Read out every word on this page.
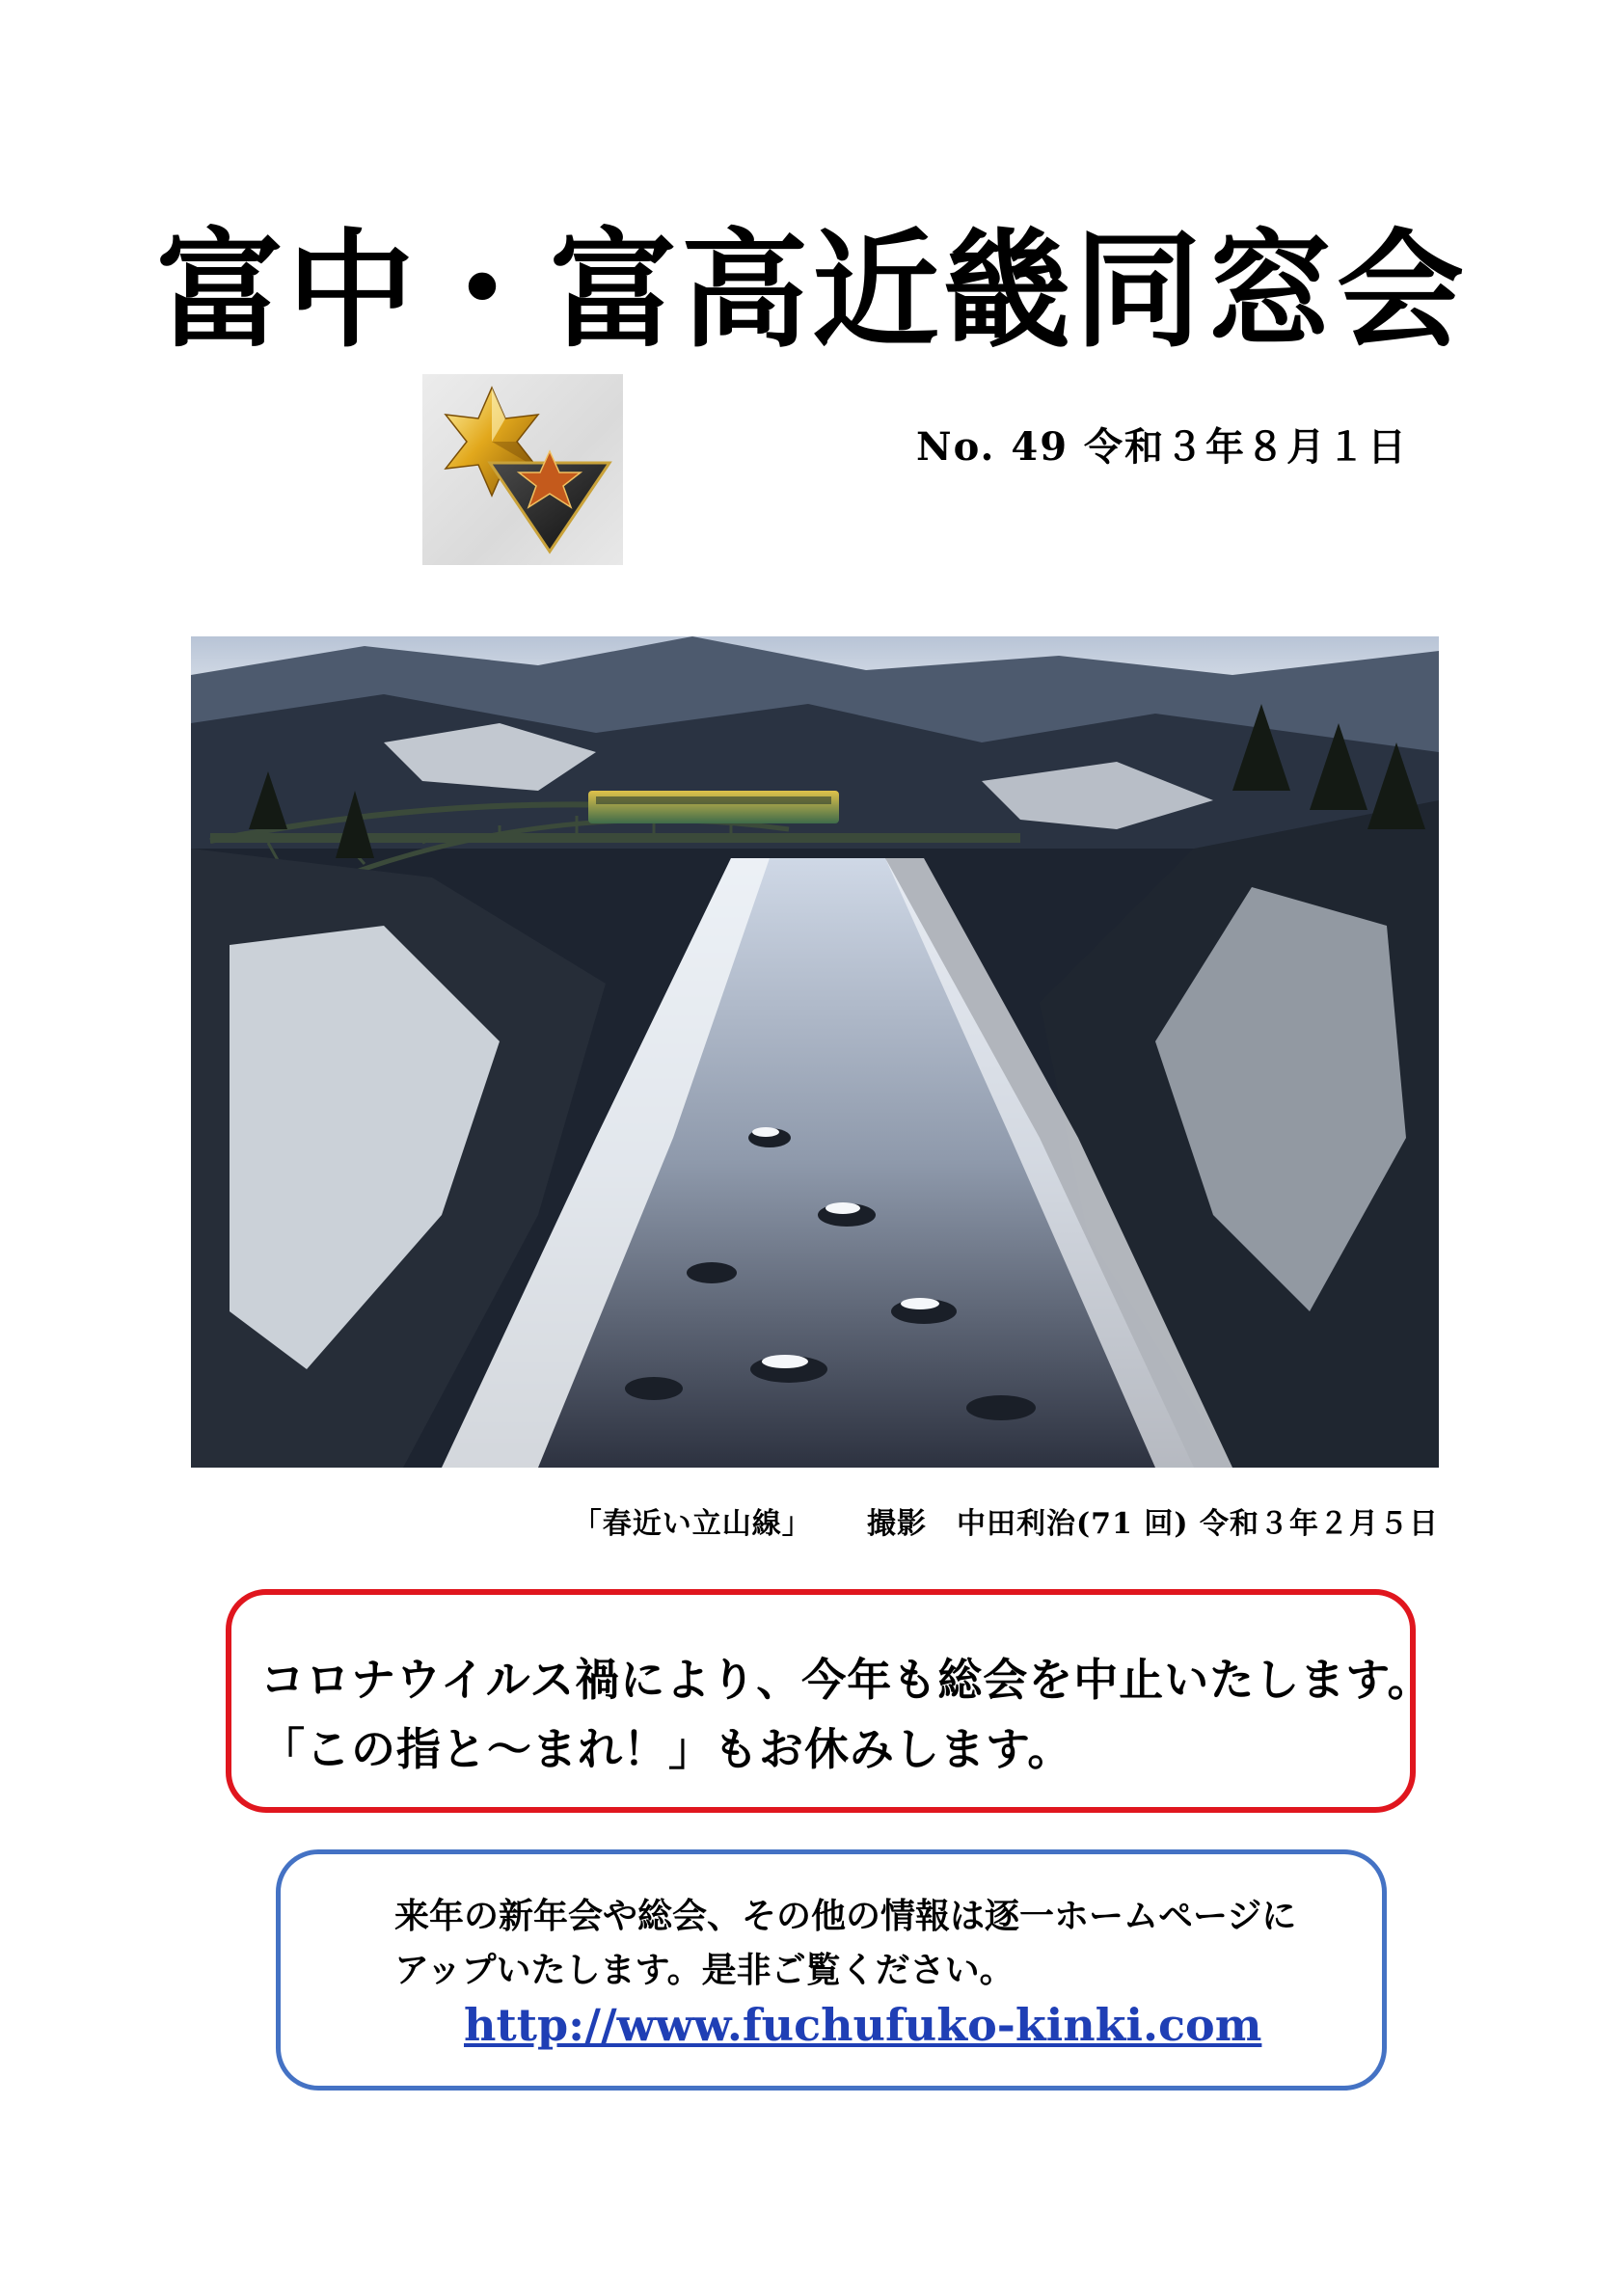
富中・富高近畿同窓会
No. 49 令和３年８月１日
「春近い立山線」 撮影　中田利治(71 回) 令和３年２月５日
コロナウイルス禍により、今年も総会を中止いたします。
「この指と～まれ！」もお休みします。
来年の新年会や総会、その他の情報は逐一ホームページに
アップいたします。是非ご覧ください。
http://www.fuchufuko-kinki.com
